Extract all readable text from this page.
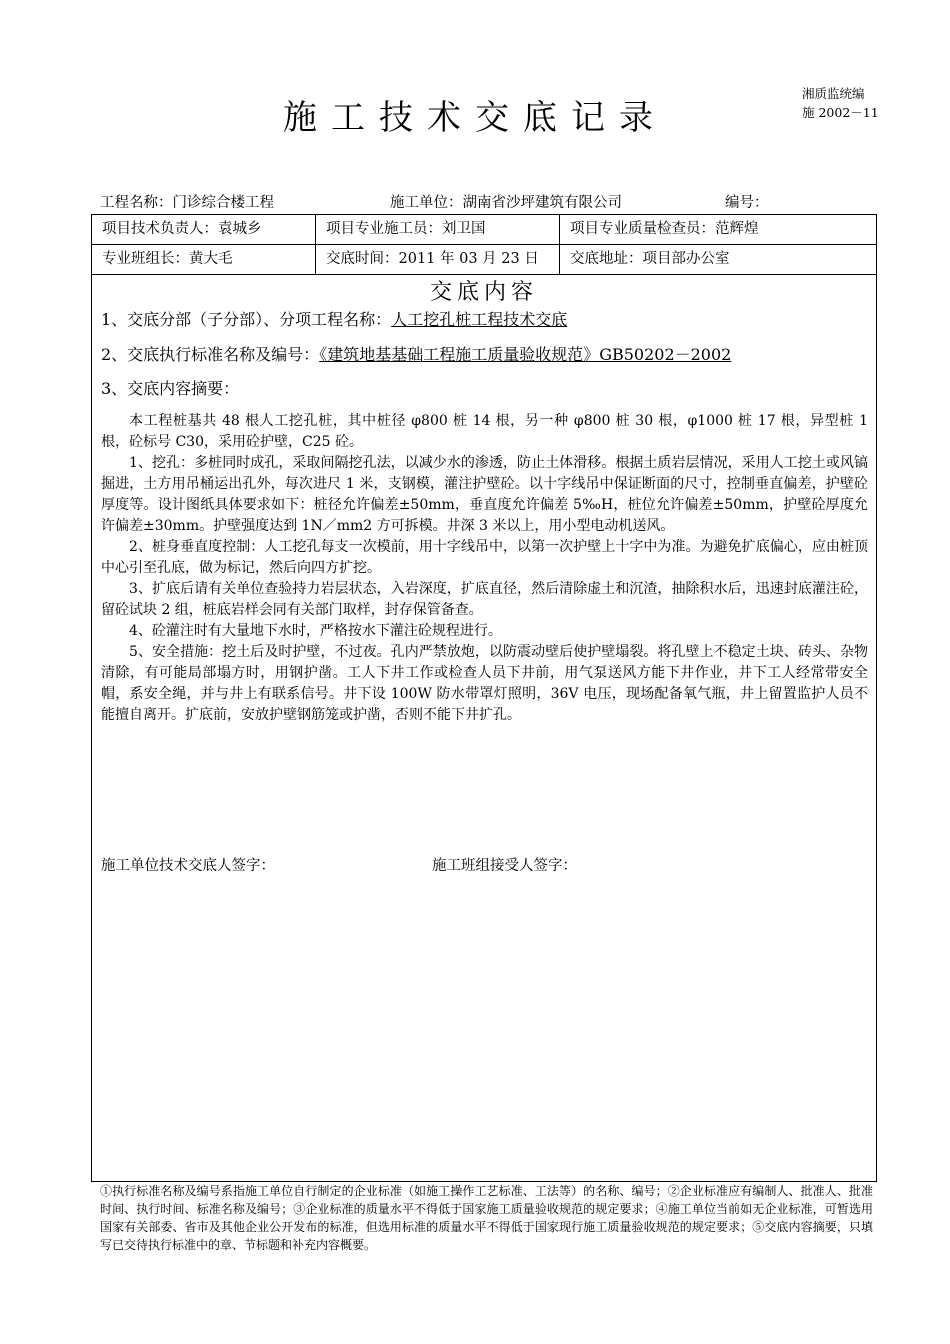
湘质监统编
施 2002－11
施工技术交底记录
工程名称：门诊综合楼工程	施工单位：湖南省沙坪建筑有限公司	编号：
项目技术负责人：袁城乡	项目专业施工员：刘卫国	项目专业质量检查员：范辉煌
专业班组长：黄大毛	交底时间：2011 年 03 月 23 日	交底地址：项目部办公室
交底内容
1、交底分部（子分部）、分项工程名称：人工挖孔桩工程技术交底
2、交底执行标准名称及编号：《建筑地基基础工程施工质量验收规范》GB50202－2002
3、交底内容摘要：

本工程桩基共 48 根人工挖孔桩，其中桩径 φ800 桩 14 根，另一种 φ800 桩 30 根，φ1000 桩 17 根，异型桩 1 根，砼标号 C30，采用砼护壁，C25 砼。

1、挖孔：多桩同时成孔，采取间隔挖孔法，以减少水的渗透，防止土体滑移。根据土质岩层情况，采用人工挖土或风镐掘进，土方用吊桶运出孔外，每次进尺 1 米，支钢模，灌注护壁砼。以十字线吊中保证断面的尺寸，控制垂直偏差，护壁砼厚度等。设计图纸具体要求如下：桩径允许偏差±50mm，垂直度允许偏差 5‰H，桩位允许偏差±50mm，护壁砼厚度允许偏差±30mm。护壁强度达到 1N／mm2 方可拆模。井深 3 米以上，用小型电动机送风。

2、桩身垂直度控制：人工挖孔每支一次模前，用十字线吊中，以第一次护壁上十字中为准。为避免扩底偏心，应由桩顶中心引至孔底，做为标记，然后向四方扩挖。

3、扩底后请有关单位查验持力岩层状态，入岩深度，扩底直径，然后清除虚土和沉渣，抽除积水后，迅速封底灌注砼，留砼试块 2 组，桩底岩样会同有关部门取样，封存保管备查。

4、砼灌注时有大量地下水时，严格按水下灌注砼规程进行。

5、安全措施：挖土后及时护壁，不过夜。孔内严禁放炮，以防震动壁后使护壁塌裂。将孔壁上不稳定土块、砖头、杂物清除，有可能局部塌方时，用钢护凿。工人下井工作或检查人员下井前，用气泵送风方能下井作业，井下工人经常带安全帽，系安全绳，并与井上有联系信号。井下设 100W 防水带罩灯照明，36V 电压，现场配备氧气瓶，井上留置监护人员不能擅自离开。扩底前，安放护壁钢筋笼或护凿，否则不能下井扩孔。

施工单位技术交底人签字：	施工班组接受人签字：
①执行标准名称及编号系指施工单位自行制定的企业标准（如施工操作工艺标准、工法等）的名称、编号；②企业标准应有编制人、批准人、批准时间、执行时间、标准名称及编号；③企业标准的质量水平不得低于国家施工质量验收规范的规定要求；④施工单位当前如无企业标准，可暂选用国家有关部委、省市及其他企业公开发布的标准，但选用标准的质量水平不得低于国家现行施工质量验收规范的规定要求；⑤交底内容摘要，只填写已交待执行标准中的章、节标题和补充内容概要。
